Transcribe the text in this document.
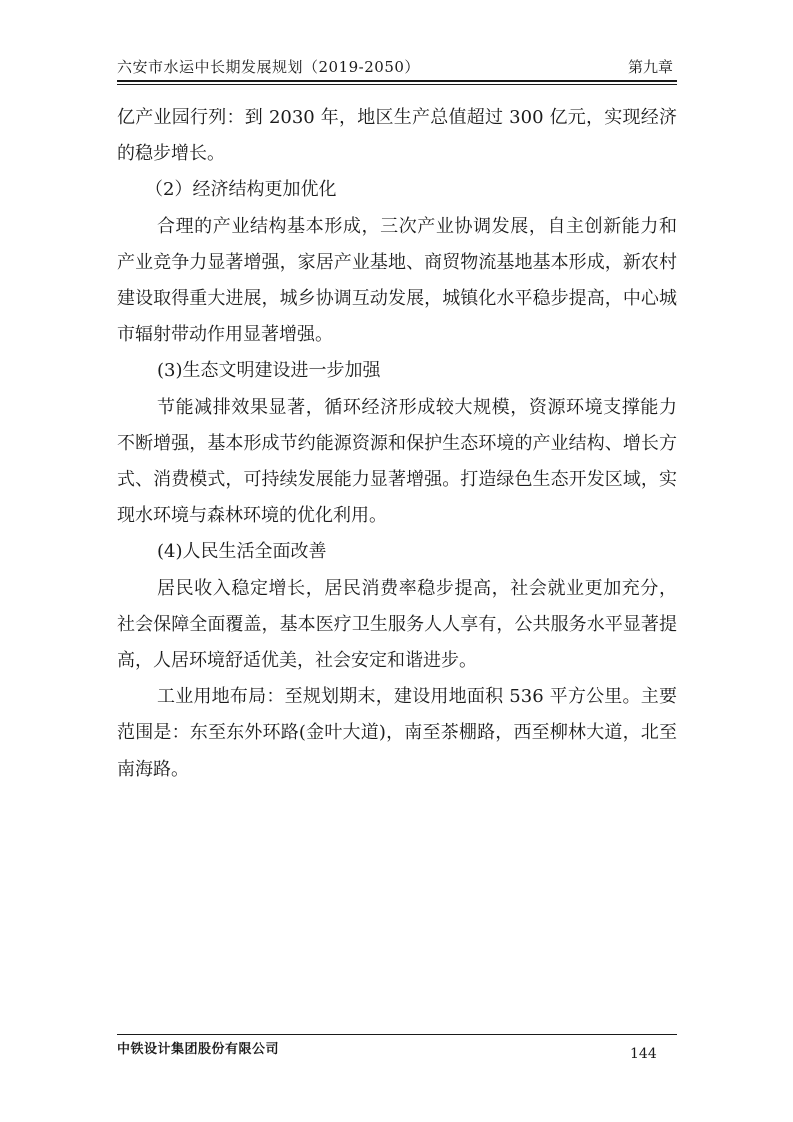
六安市水运中长期发展规划（2019-2050）	第九章

亿产业园行列：到 2030 年，地区生产总值超过 300 亿元，实现经济的稳步增长。

（2）经济结构更加优化

合理的产业结构基本形成，三次产业协调发展，自主创新能力和产业竞争力显著增强，家居产业基地、商贸物流基地基本形成，新农村建设取得重大进展，城乡协调互动发展，城镇化水平稳步提高，中心城市辐射带动作用显著增强。

(3)生态文明建设进一步加强

节能减排效果显著，循环经济形成较大规模，资源环境支撑能力不断增强，基本形成节约能源资源和保护生态环境的产业结构、增长方式、消费模式，可持续发展能力显著增强。打造绿色生态开发区域，实现水环境与森林环境的优化利用。

(4)人民生活全面改善

居民收入稳定增长，居民消费率稳步提高，社会就业更加充分，社会保障全面覆盖，基本医疗卫生服务人人享有，公共服务水平显著提高，人居环境舒适优美，社会安定和谐进步。

工业用地布局：至规划期末，建设用地面积 536 平方公里。主要范围是：东至东外环路(金叶大道)，南至茶棚路，西至柳林大道，北至南海路。

中铁设计集团股份有限公司	144
